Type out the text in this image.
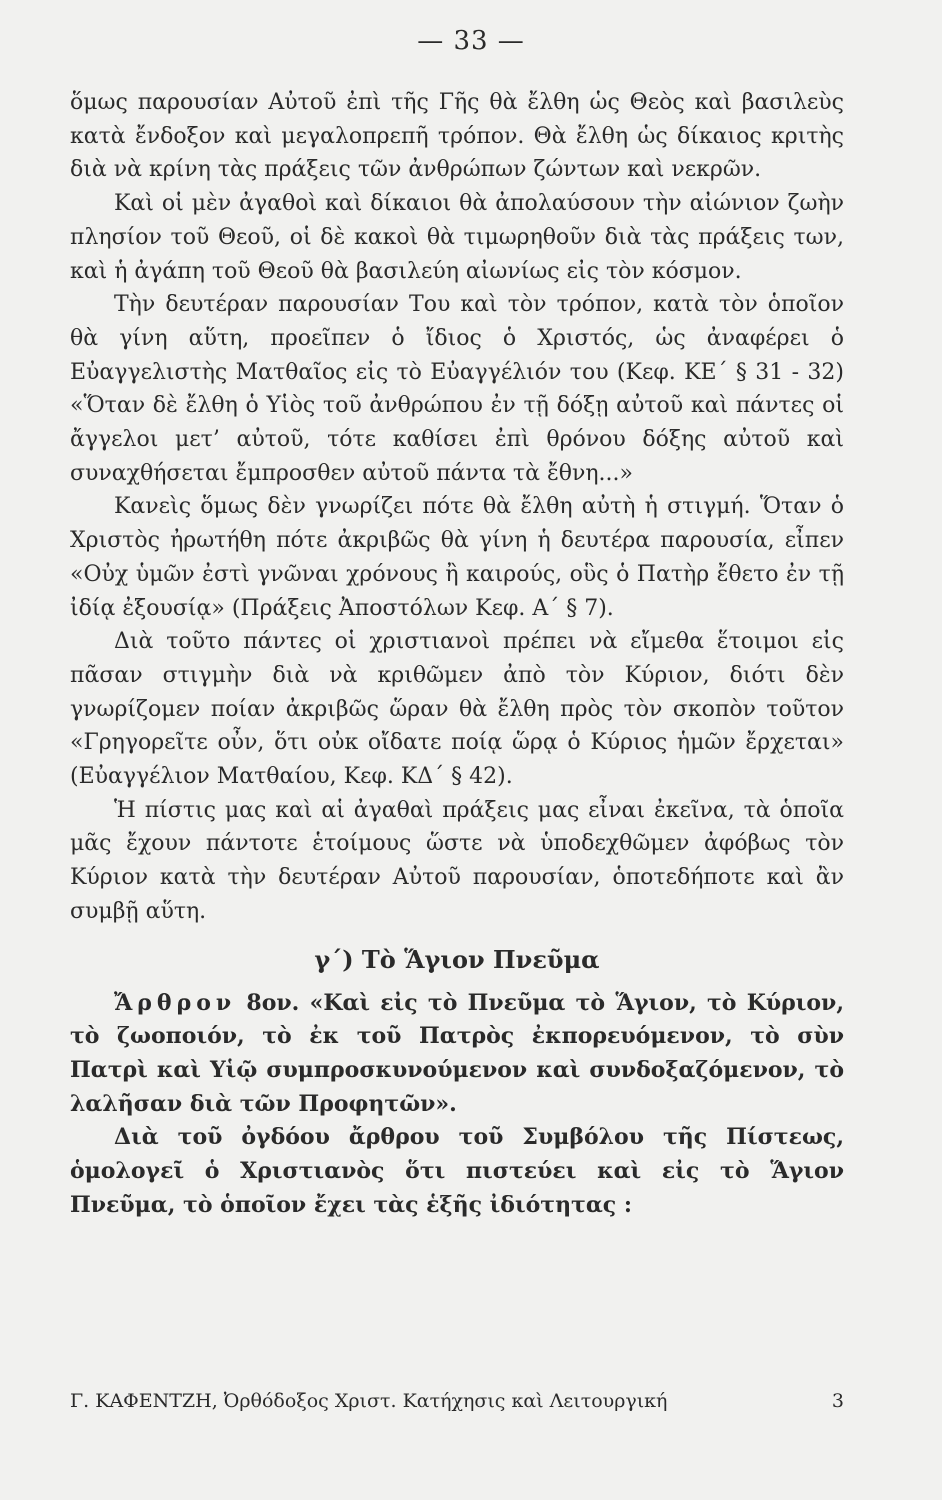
— 33 —

ὅμως παρουσίαν Αὐτοῦ ἐπὶ τῆς Γῆς θὰ ἔλθη ὡς Θεὸς καὶ βασιλεὺς κατὰ ἔνδοξον καὶ μεγαλοπρεπῆ τρόπον. Θὰ ἔλθη ὡς δίκαιος κριτὴς διὰ νὰ κρίνη τὰς πράξεις τῶν ἀνθρώπων ζώντων καὶ νεκρῶν.

Καὶ οἱ μὲν ἀγαθοὶ καὶ δίκαιοι θὰ ἀπολαύσουν τὴν αἰώνιον ζωὴν πλησίον τοῦ Θεοῦ, οἱ δὲ κακοὶ θὰ τιμωρηθοῦν διὰ τὰς πράξεις των, καὶ ἡ ἀγάπη τοῦ Θεοῦ θὰ βασιλεύη αἰωνίως εἰς τὸν κόσμον.

Τὴν δευτέραν παρουσίαν Του καὶ τὸν τρόπον, κατὰ τὸν ὁποῖον θὰ γίνη αὕτη, προεῖπεν ὁ ἴδιος ὁ Χριστός, ὡς ἀναφέρει ὁ Εὐαγγελιστὴς Ματθαῖος εἰς τὸ Εὐαγγέλιόν του (Κεφ. ΚΕ΄ § 31 - 32) «Ὅταν δὲ ἔλθη ὁ Υἱὸς τοῦ ἀνθρώπου ἐν τῇ δόξῃ αὐτοῦ καὶ πάντες οἱ ἄγγελοι μετ’ αὐτοῦ, τότε καθίσει ἐπὶ θρόνου δόξης αὐτοῦ καὶ συναχθήσεται ἔμπροσθεν αὐτοῦ πάντα τὰ ἔθνη...»

Κανεὶς ὅμως δὲν γνωρίζει πότε θὰ ἔλθη αὐτὴ ἡ στιγμή. Ὅταν ὁ Χριστὸς ἠρωτήθη πότε ἀκριβῶς θὰ γίνη ἡ δευτέρα παρουσία, εἶπεν «Οὐχ ὑμῶν ἐστὶ γνῶναι χρόνους ἢ καιρούς, οὓς ὁ Πατὴρ ἔθετο ἐν τῇ ἰδίᾳ ἐξουσίᾳ» (Πράξεις Ἀποστόλων Κεφ. Α΄ § 7).

Διὰ τοῦτο πάντες οἱ χριστιανοὶ πρέπει νὰ εἴμεθα ἕτοιμοι εἰς πᾶσαν στιγμὴν διὰ νὰ κριθῶμεν ἀπὸ τὸν Κύριον, διότι δὲν γνωρίζομεν ποίαν ἀκριβῶς ὥραν θὰ ἔλθη πρὸς τὸν σκοπὸν τοῦτον «Γρηγορεῖτε οὖν, ὅτι οὐκ οἴδατε ποίᾳ ὥρᾳ ὁ Κύριος ἡμῶν ἔρχεται» (Εὐαγγέλιον Ματθαίου, Κεφ. ΚΔ΄ § 42).

Ἡ πίστις μας καὶ αἱ ἀγαθαὶ πράξεις μας εἶναι ἐκεῖνα, τὰ ὁποῖα μᾶς ἔχουν πάντοτε ἑτοίμους ὥστε νὰ ὑποδεχθῶμεν ἀφόβως τὸν Κύριον κατὰ τὴν δευτέραν Αὐτοῦ παρουσίαν, ὁποτεδήποτε καὶ ἂν συμβῇ αὕτη.

γ΄) Τὸ Ἅγιον Πνεῦμα

Ἄρθρον 8ον. «Καὶ εἰς τὸ Πνεῦμα τὸ Ἅγιον, τὸ Κύριον, τὸ ζωοποιόν, τὸ ἐκ τοῦ Πατρὸς ἐκπορευόμενον, τὸ σὺν Πατρὶ καὶ Υἱῷ συμπροσκυνούμενον καὶ συνδοξαζόμενον, τὸ λαλῆσαν διὰ τῶν Προφητῶν».

Διὰ τοῦ ὀγδόου ἄρθρου τοῦ Συμβόλου τῆς Πίστεως, ὁμολογεῖ ὁ Χριστιανὸς ὅτι πιστεύει καὶ εἰς τὸ Ἅγιον Πνεῦμα, τὸ ὁποῖον ἔχει τὰς ἑξῆς ἰδιότητας :

Γ. ΚΑΦΕΝΤΖΗ, Ὀρθόδοξος Χριστ. Κατήχησις καὶ Λειτουργική	3
